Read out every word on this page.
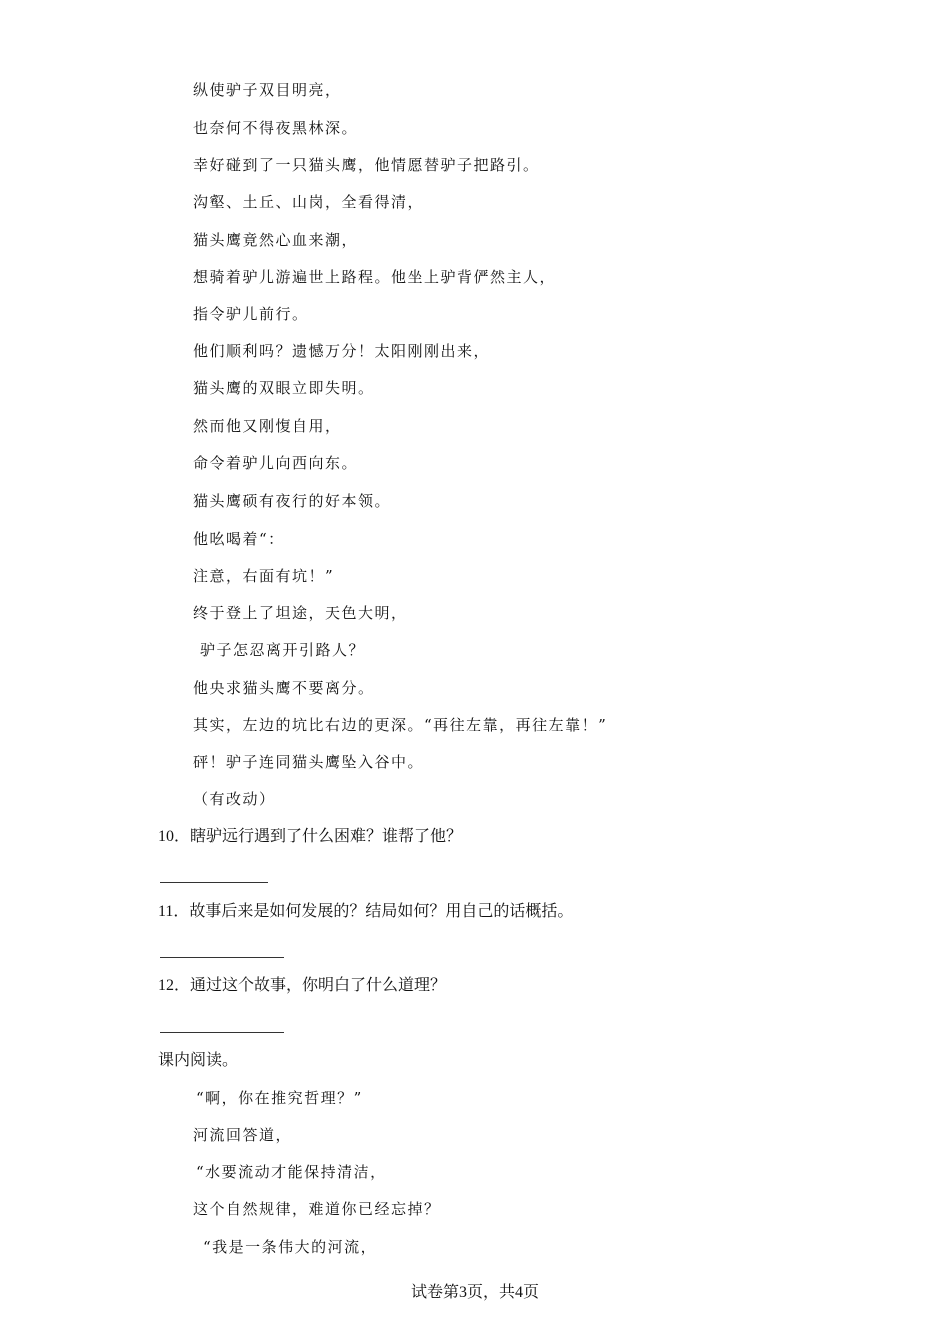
纵使驴子双目明亮，
也奈何不得夜黑林深。
幸好碰到了一只猫头鹰，他情愿替驴子把路引。
沟壑、土丘、山岗，全看得清，
猫头鹰竟然心血来潮，
想骑着驴儿游遍世上路程。他坐上驴背俨然主人，
指令驴儿前行。
他们顺利吗？遗憾万分！太阳刚刚出来，
猫头鹰的双眼立即失明。
然而他又刚愎自用，
命令着驴儿向西向东。
猫头鹰硕有夜行的好本领。
他吆喝着“：
注意，右面有坑！”
终于登上了坦途，天色大明，
驴子怎忍离开引路人？
他央求猫头鹰不要离分。
其实，左边的坑比右边的更深。“再往左靠，再往左靠！”
砰！驴子连同猫头鹰坠入谷中。
（有改动）
10．瞎驴远行遇到了什么困难？谁帮了他？
11．故事后来是如何发展的？结局如何？用自己的话概括。
12．通过这个故事，你明白了什么道理？
课内阅读。
“啊，你在推究哲理？”
河流回答道，
“水要流动才能保持清洁，
这个自然规律，难道你已经忘掉？
“我是一条伟大的河流，
试卷第3页，共4页
